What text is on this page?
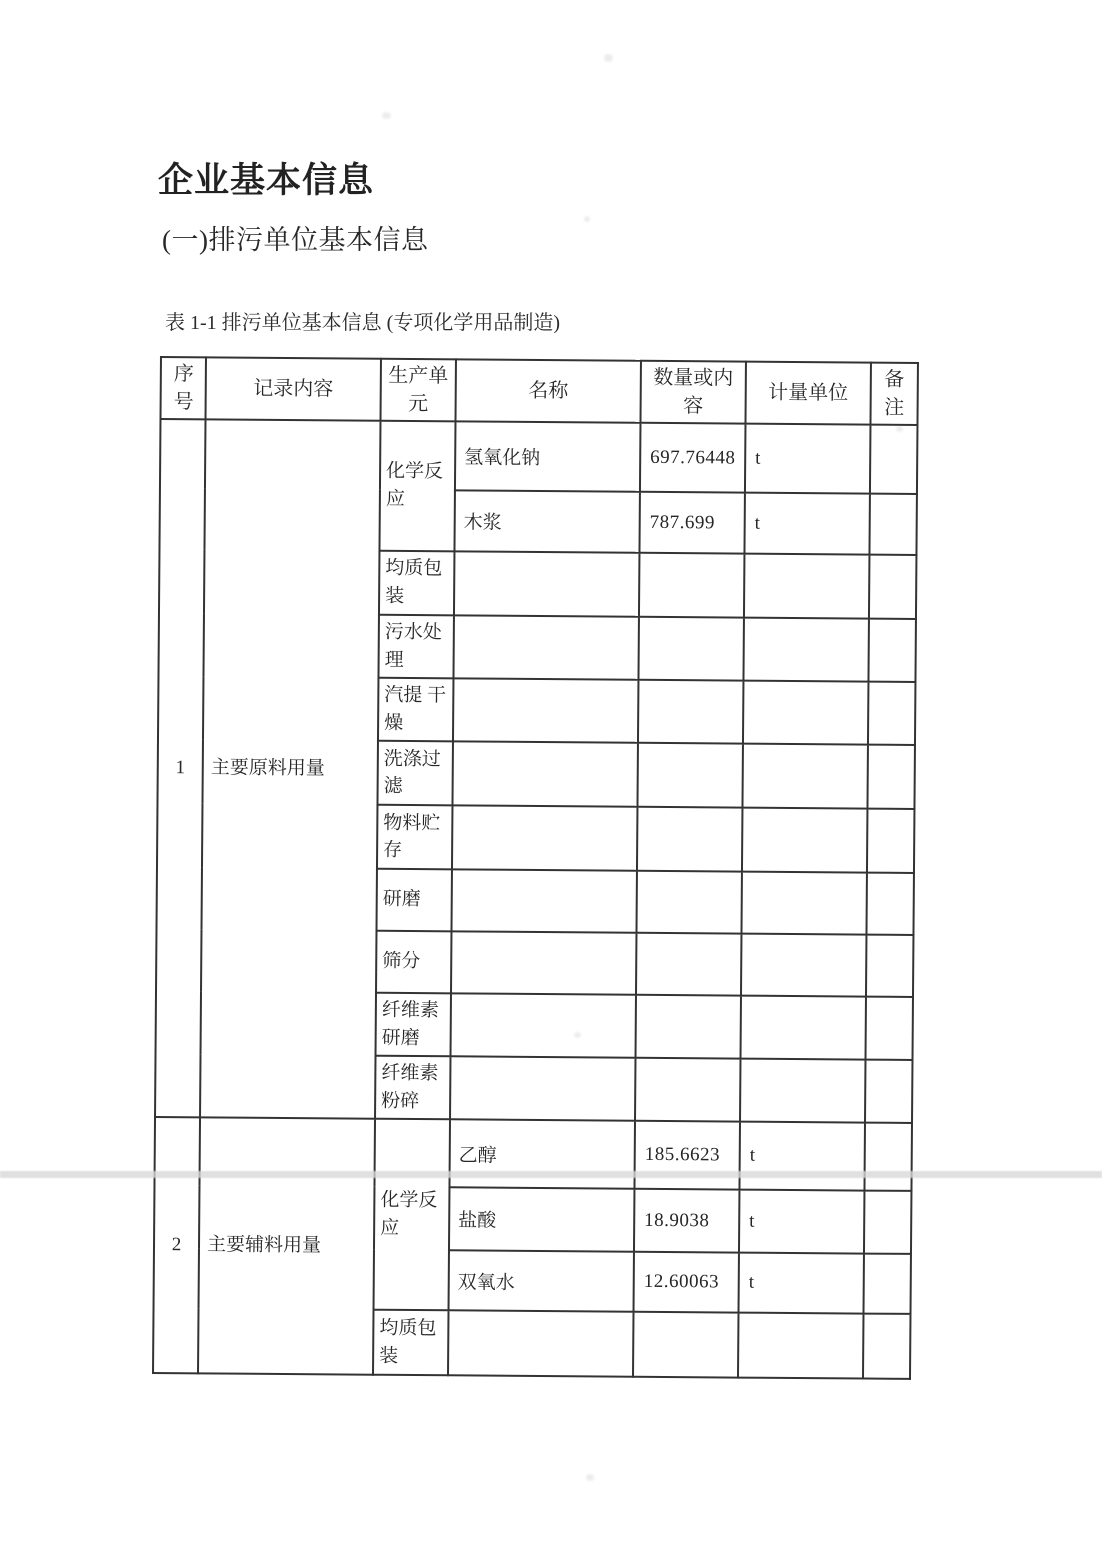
企业基本信息
(一)排污单位基本信息
表 1-1 排污单位基本信息 (专项化学用品制造)
序号	记录内容	生产单元	名称	数量或内容	计量单位	备注
1	主要原料用量	化学反应	氢氧化钠	697.76448	t	
			木浆	787.699	t	
		均质包装				
		污水处理				
		汽提 干燥				
		洗涤过滤				
		物料贮存				
		研磨				
		筛分				
		纤维素研磨				
		纤维素粉碎				
2	主要辅料用量	化学反应	乙醇	185.6623	t	
			盐酸	18.9038	t	
			双氧水	12.60063	t	
		均质包装				
